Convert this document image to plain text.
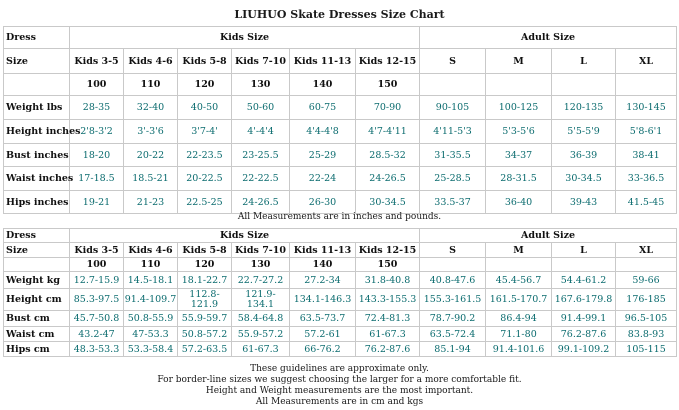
LIUHUO Skate Dresses Size Chart
Dress	Kids Size						Adult Size			
Size	Kids 3-5	Kids 4-6	Kids 5-8	Kids 7-10	Kids 11-13	Kids 12-15	S	M	L	XL
	100	110	120	130	140	150				
Weight lbs	28-35	32-40	40-50	50-60	60-75	70-90	90-105	100-125	120-135	130-145
Height inches	2'8-3'2	3'-3'6	3'7-4'	4'-4'4	4'4-4'8	4'7-4'11	4'11-5'3	5'3-5'6	5'5-5'9	5'8-6'1
Bust inches	18-20	20-22	22-23.5	23-25.5	25-29	28.5-32	31-35.5	34-37	36-39	38-41
Waist inches	17-18.5	18.5-21	20-22.5	22-22.5	22-24	24-26.5	25-28.5	28-31.5	30-34.5	33-36.5
Hips inches	19-21	21-23	22.5-25	24-26.5	26-30	30-34.5	33.5-37	36-40	39-43	41.5-45
All Measurements are in inches and pounds.
Dress	Kids Size						Adult Size			
Size	Kids 3-5	Kids 4-6	Kids 5-8	Kids 7-10	Kids 11-13	Kids 12-15	S	M	L	XL
	100	110	120	130	140	150				
Weight kg	12.7-15.9	14.5-18.1	18.1-22.7	22.7-27.2	27.2-34	31.8-40.8	40.8-47.6	45.4-56.7	54.4-61.2	59-66
Height cm	85.3-97.5	91.4-109.7	112.8-121.9	121.9-134.1	134.1-146.3	143.3-155.3	155.3-161.5	161.5-170.7	167.6-179.8	176-185
Bust cm	45.7-50.8	50.8-55.9	55.9-59.7	58.4-64.8	63.5-73.7	72.4-81.3	78.7-90.2	86.4-94	91.4-99.1	96.5-105
Waist cm	43.2-47	47-53.3	50.8-57.2	55.9-57.2	57.2-61	61-67.3	63.5-72.4	71.1-80	76.2-87.6	83.8-93
Hips cm	48.3-53.3	53.3-58.4	57.2-63.5	61-67.3	66-76.2	76.2-87.6	85.1-94	91.4-101.6	99.1-109.2	105-115
These guidelines are approximate only.
For border-line sizes we suggest choosing the larger for a more comfortable fit.
Height and Weight measurements are the most important.
All Measurements are in cm and kgs
